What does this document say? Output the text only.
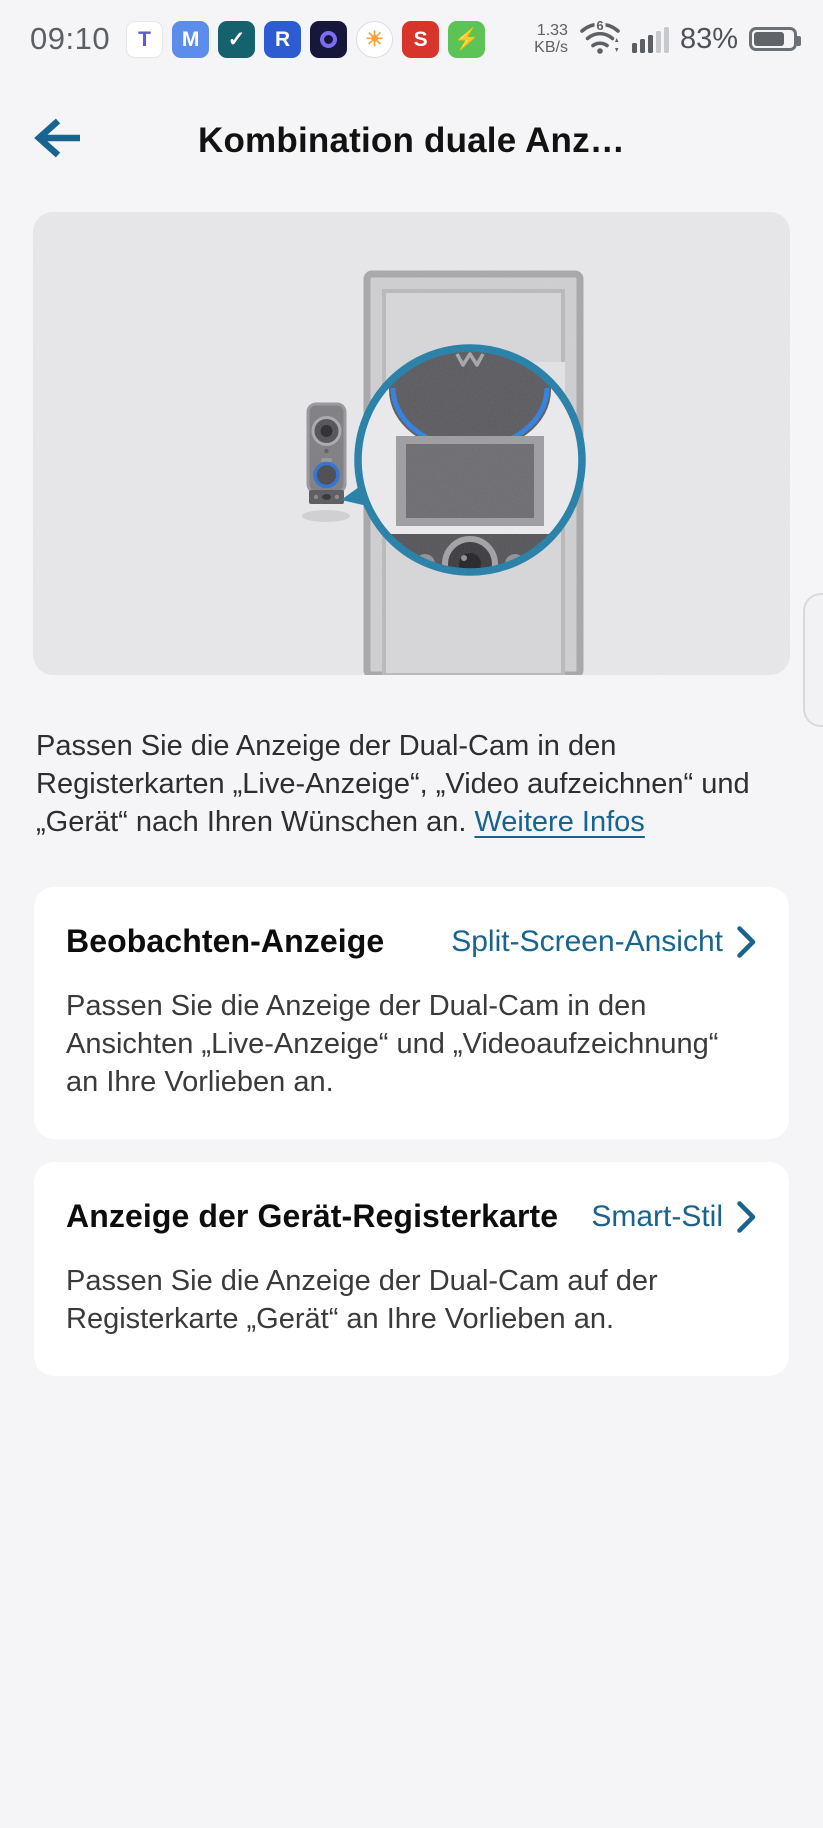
09:10	T	M	✓	R	☀	S	⚡	1.33
KB/s
6	83%
Kombination duale Anz…

Passen Sie die Anzeige der Dual-Cam in den Registerkarten „Live-Anzeige“, „Video aufzeichnen“ und „Gerät“ nach Ihren Wünschen an. Weitere Infos

Beobachten-Anzeige Split-Screen-Ansicht
Passen Sie die Anzeige der Dual-Cam in den Ansichten „Live-Anzeige“ und „Videoaufzeichnung“ an Ihre Vorlieben an.
Anzeige der Gerät-Registerkarte Smart-Stil
Passen Sie die Anzeige der Dual-Cam auf der Registerkarte „Gerät“ an Ihre Vorlieben an.
